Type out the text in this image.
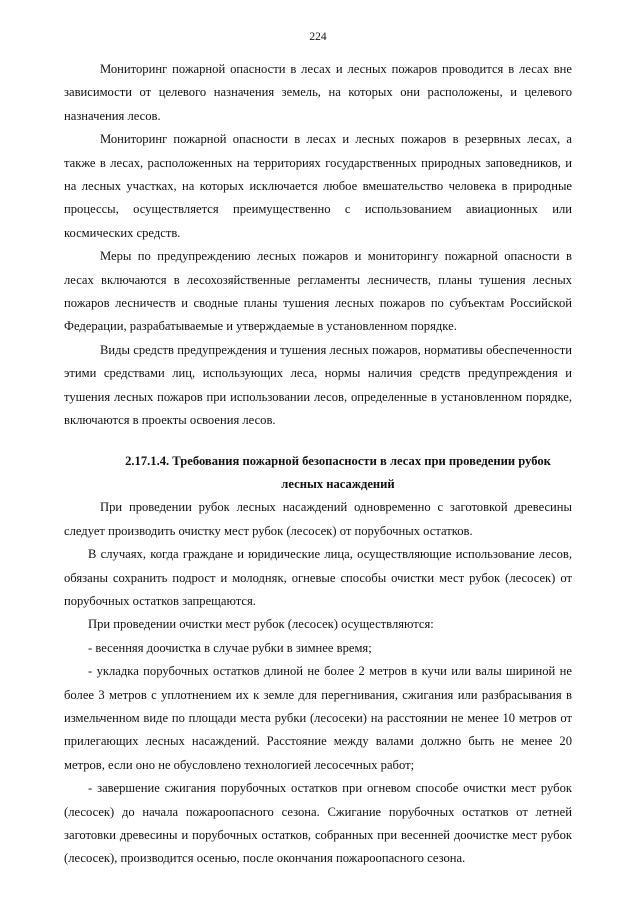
224

Мониторинг пожарной опасности в лесах и лесных пожаров проводится в лесах вне зависимости от целевого назначения земель, на которых они расположены, и целевого назначения лесов.

Мониторинг пожарной опасности в лесах и лесных пожаров в резервных лесах, а также в лесах, расположенных на территориях государственных природных заповедников, и на лесных участках, на которых исключается любое вмешательство человека в природные процессы, осуществляется преимущественно с использованием авиационных или космических средств.

Меры по предупреждению лесных пожаров и мониторингу пожарной опасности в лесах включаются в лесохозяйственные регламенты лесничеств, планы тушения лесных пожаров лесничеств и сводные планы тушения лесных пожаров по субъектам Российской Федерации, разрабатываемые и утверждаемые в установленном порядке.

Виды средств предупреждения и тушения лесных пожаров, нормативы обеспеченности этими средствами лиц, использующих леса, нормы наличия средств предупреждения и тушения лесных пожаров при использовании лесов, определенные в установленном порядке, включаются в проекты освоения лесов.

2.17.1.4. Требования пожарной безопасности в лесах при проведении рубок лесных насаждений

При проведении рубок лесных насаждений одновременно с заготовкой древесины следует производить очистку мест рубок (лесосек) от порубочных остатков.

В случаях, когда граждане и юридические лица, осуществляющие использование лесов, обязаны сохранить подрост и молодняк, огневые способы очистки мест рубок (лесосек) от порубочных остатков запрещаются.

При проведении очистки мест рубок (лесосек) осуществляются:

- весенняя доочистка в случае рубки в зимнее время;

- укладка порубочных остатков длиной не более 2 метров в кучи или валы шириной не более 3 метров с уплотнением их к земле для перегнивания, сжигания или разбрасывания в измельченном виде по площади места рубки (лесосеки) на расстоянии не менее 10 метров от прилегающих лесных насаждений. Расстояние между валами должно быть не менее 20 метров, если оно не обусловлено технологией лесосечных работ;

- завершение сжигания порубочных остатков при огневом способе очистки мест рубок (лесосек) до начала пожароопасного сезона. Сжигание порубочных остатков от летней заготовки древесины и порубочных остатков, собранных при весенней доочистке мест рубок (лесосек), производится осенью, после окончания пожароопасного сезона.
